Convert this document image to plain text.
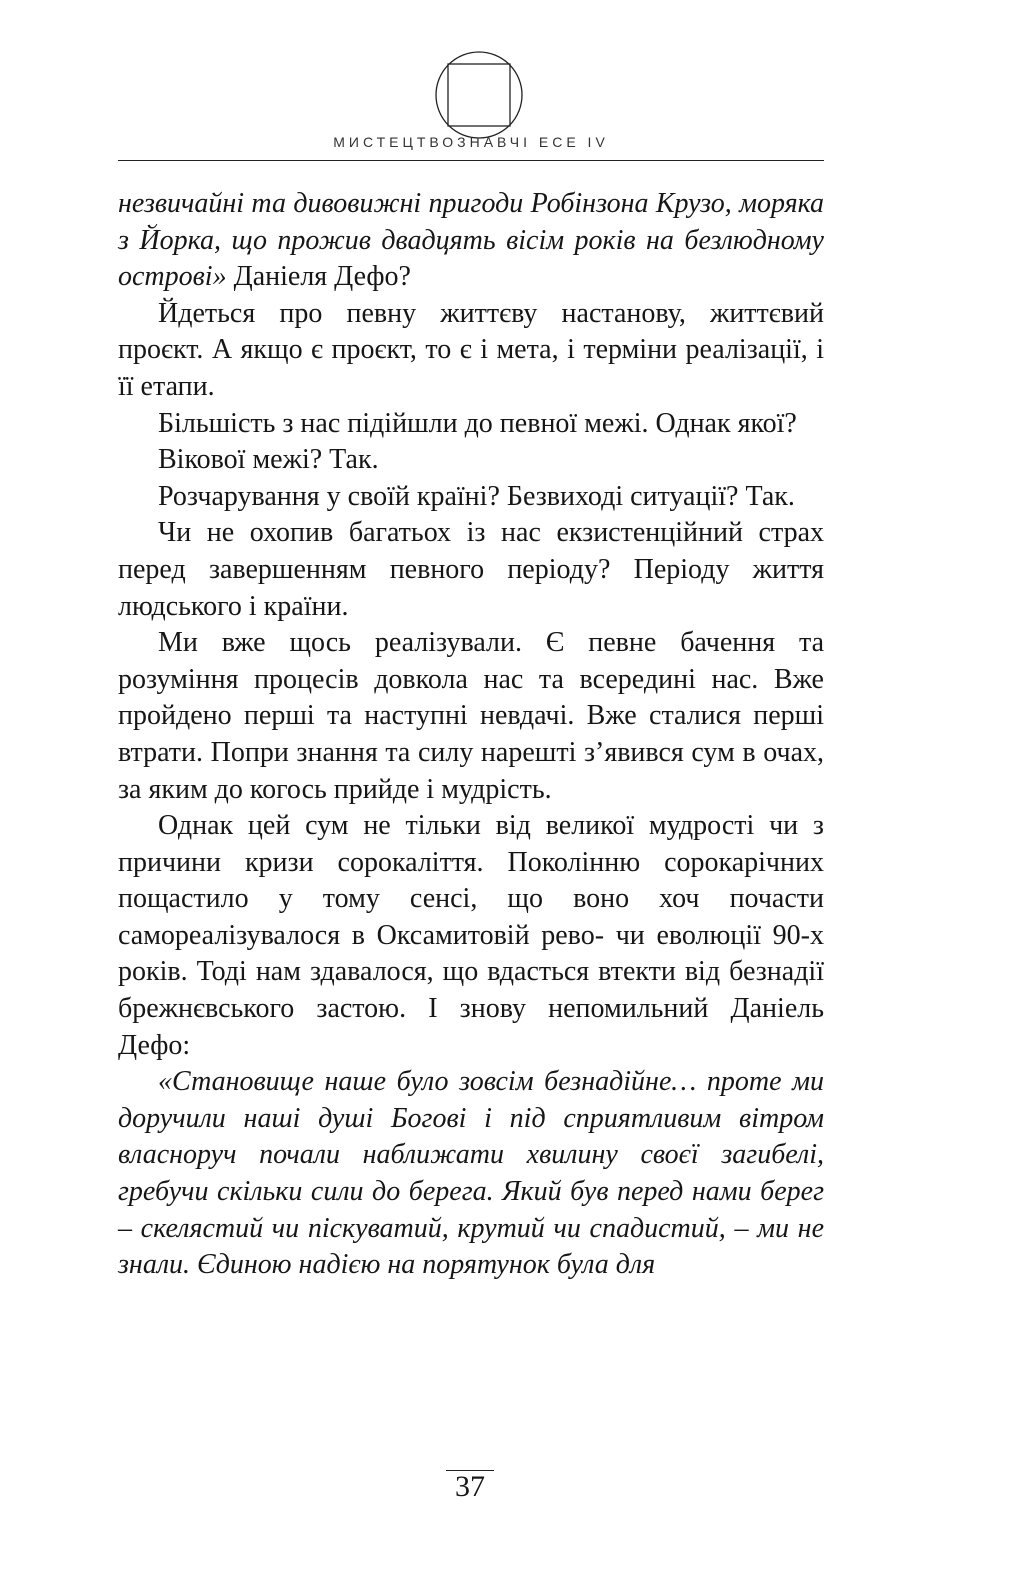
МИСТЕЦТВОЗНАВЧІ ЕСЕ IV

незвичайні та дивовижні пригоди Робінзона Крузо, моряка з Йорка, що прожив двадцять вісім років на безлюдному острові» Даніеля Дефо?

Йдеться про певну життєву настанову, життєвий проєкт. А якщо є проєкт, то є і мета, і терміни реалізації, і її етапи.

Більшість з нас підійшли до певної межі. Однак якої?

Вікової межі? Так.

Розчарування у своїй країні? Безвиході ситуації? Так.

Чи не охопив багатьох із нас екзистенційний страх перед завершенням певного періоду? Періоду життя людського і країни.

Ми вже щось реалізували. Є певне бачення та розуміння процесів довкола нас та всередині нас. Вже пройдено перші та наступні невдачі. Вже сталися перші втрати. Попри знання та силу нарешті з’явився сум в очах, за яким до когось прийде і мудрість.

Однак цей сум не тільки від великої мудрості чи з причини кризи сорокаліття. Поколінню сорокарічних пощастило у тому сенсі, що воно хоч почасти самореалізувалося в Оксамитовій рево- чи еволюції 90-х років. Тоді нам здавалося, що вдасться втекти від безнадії брежнєвського застою. І знову непомильний Даніель Дефо:

«Становище наше було зовсім безнадійне… проте ми доручили наші душі Богові і під сприятливим вітром власноруч почали наближати хвилину своєї загибелі, гребучи скільки сили до берега. Який був перед нами берег – скелястий чи піскуватий, крутий чи спадистий, – ми не знали. Єдиною надією на порятунок була для

37
